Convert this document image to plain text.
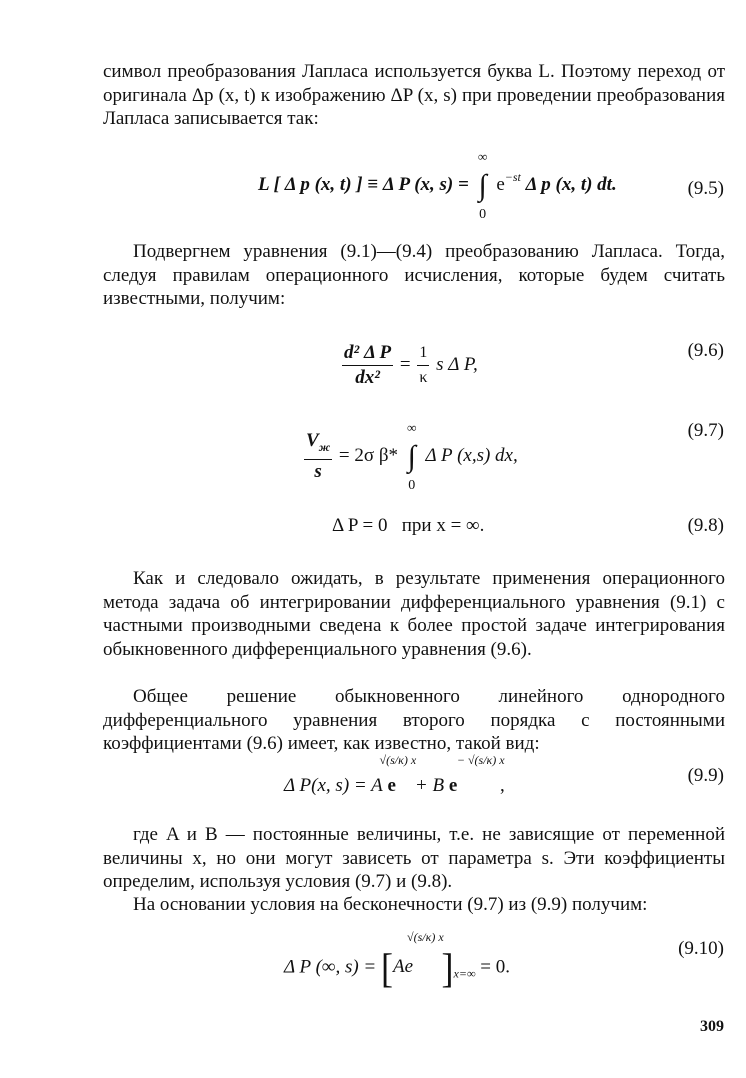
символ преобразования Лапласа используется буква L. Поэтому переход от оригинала Δp (x, t) к изображению ΔP (x, s) при проведении преобразования Лапласа записывается так:

L [ Δ p (x, t) ] ≡ Δ P (x, s) =
∞
∫
0
$e^{-st}$ Δ p (x, t) dt.	(9.5)

Подвергнем уравнения (9.1)—(9.4) преобразованию Лапласа. Тогда, следуя правилам операционного исчисления, которые будем считать известными, получим:

$\frac{\text{d² Δ P}}{\text{dx²}} = \frac{1}{\kappa}$ s Δ P,
(9.6)
$\frac{V_ж}{s} = 2\sigma$ β*
∞
∫
0
Δ P (x,s) dx,
(9.7)
Δ P = 0 при x = ∞.	(9.8)

Как и следовало ожидать, в результате применения операционного метода задача об интегрировании дифференциального уравнения (9.1) с частными производными сведена к более простой задаче интегрирования обыкновенного дифференциального уравнения (9.6).

Общее решение обыкновенного линейного однородного дифференциального уравнения второго порядка с постоянными коэффициентами (9.6) имеет, как известно, такой вид:

Δ P(x, s) = A e
√(s/κ) x
+ B e
− √(s/κ) x
,	(9.9)

где A и B — постоянные величины, т.е. не зависящие от переменной величины x, но они могут зависеть от параметра s. Эти коэффициенты определим, используя условия (9.7) и (9.8).

На основании условия на бесконечности (9.7) из (9.9) получим:

Δ P (∞, s) = [Ae
√(s/κ) x
]$_{x=\infty} = 0$.
(9.10)
309
